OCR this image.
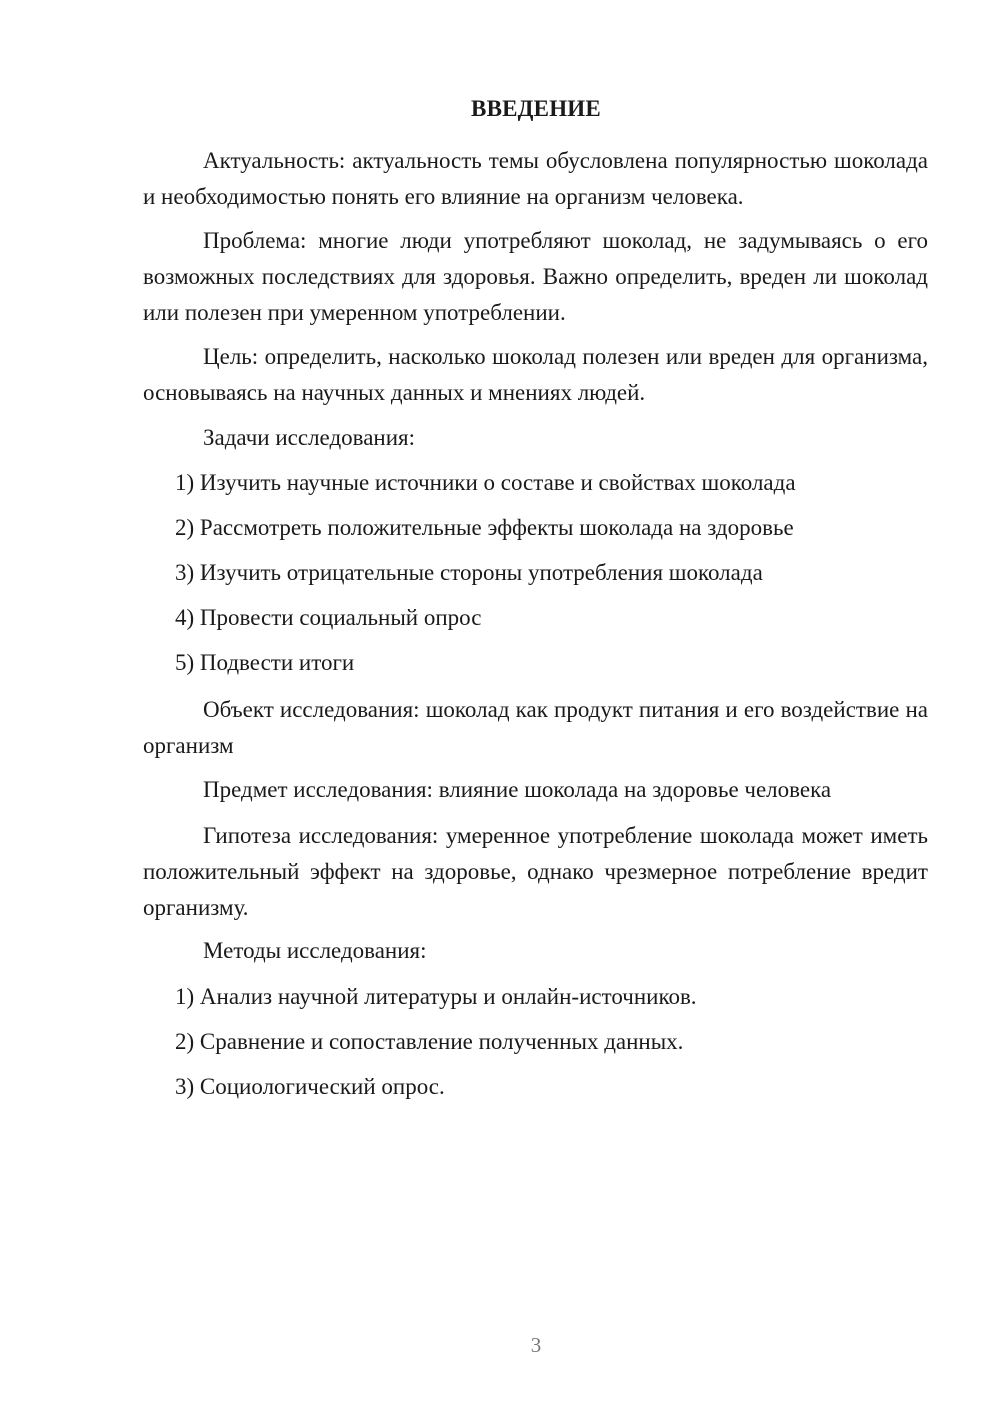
ВВЕДЕНИЕ

Актуальность: актуальность темы обусловлена популярностью шоколада и необходимостью понять его влияние на организм человека.

Проблема: многие люди употребляют шоколад, не задумываясь о его возможных последствиях для здоровья. Важно определить, вреден ли шоколад или полезен при умеренном употреблении.

Цель: определить, насколько шоколад полезен или вреден для организма, основываясь на научных данных и мнениях людей.

Задачи исследования:
1) Изучить научные источники о составе и свойствах шоколада
2) Рассмотреть положительные эффекты шоколада на здоровье
3) Изучить отрицательные стороны употребления шоколада
4) Провести социальный опрос
5) Подвести итоги

Объект исследования: шоколад как продукт питания и его воздействие на организм

Предмет исследования: влияние шоколада на здоровье человека

Гипотеза исследования: умеренное употребление шоколада может иметь положительный эффект на здоровье, однако чрезмерное потребление вредит организму.

Методы исследования:
1) Анализ научной литературы и онлайн-источников.
2) Сравнение и сопоставление полученных данных.
3) Социологический опрос.
3
